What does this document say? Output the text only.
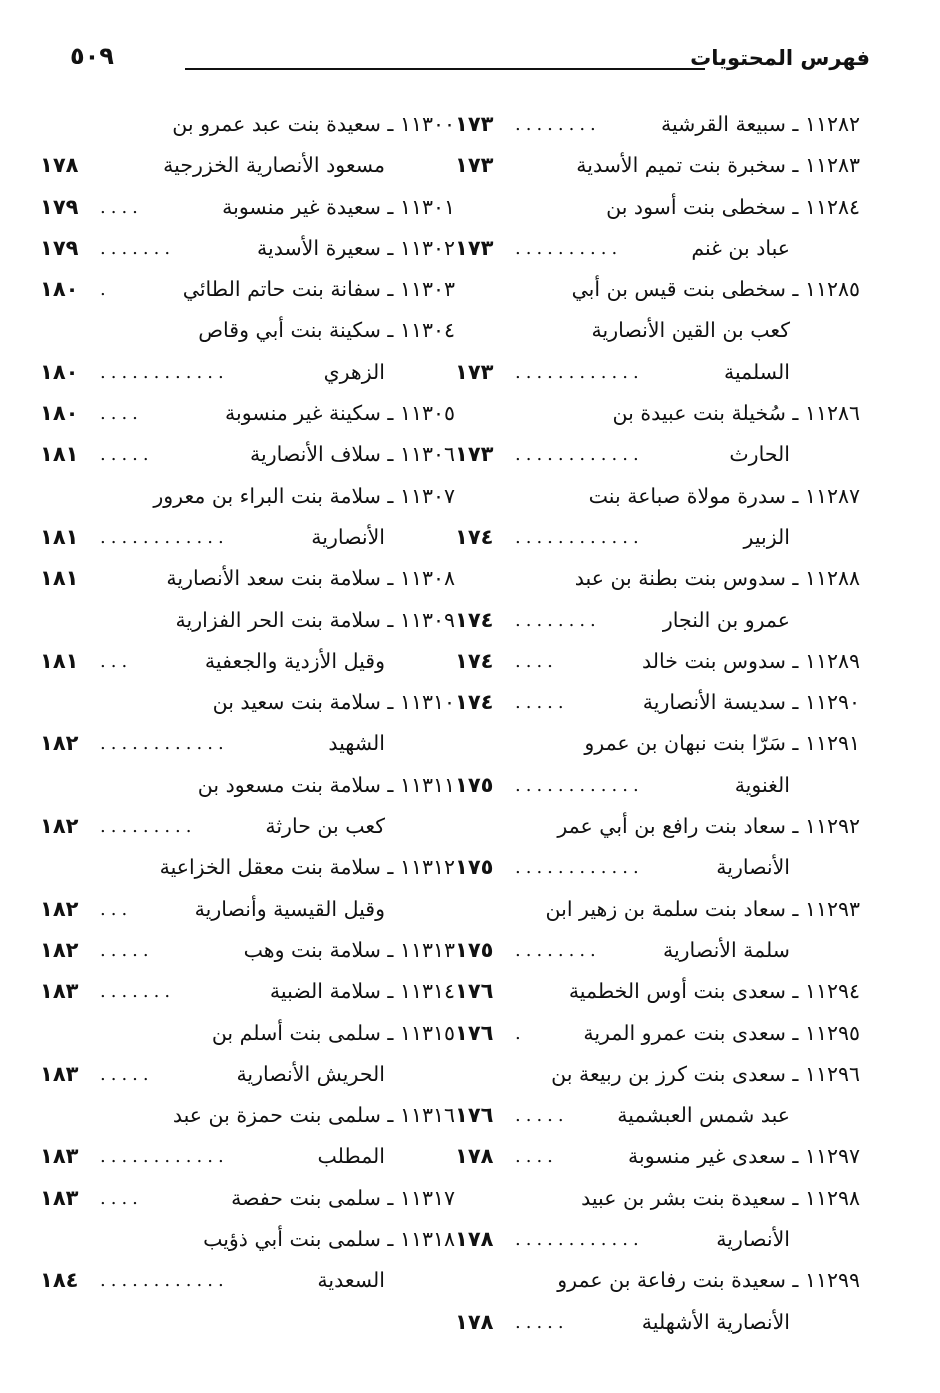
فهرس المحتويات
٥٠٩
١١٢٨٢ ـ سبيعة القرشية
........
١٧٣
١١٢٨٣ ـ سخبرة بنت تميم الأسدية
١٧٣
١١٢٨٤ ـ سخطى بنت أسود بن
عباد بن غنم
..........
١٧٣
١١٢٨٥ ـ سخطى بنت قيس بن أبي
كعب بن القين الأنصارية
السلمية
............
١٧٣
١١٢٨٦ ـ سُخيلة بنت عبيدة بن
الحارث
............
١٧٣
١١٢٨٧ ـ سدرة مولاة صباعة بنت
الزبير
............
١٧٤
١١٢٨٨ ـ سدوس بنت بطنة بن عبد
عمرو بن النجار
........
١٧٤
١١٢٨٩ ـ سدوس بنت خالد
....
١٧٤
١١٢٩٠ ـ سديسة الأنصارية
.....
١٧٤
١١٢٩١ ـ سَرّا بنت نبهان بن عمرو
الغنوية
............
١٧٥
١١٢٩٢ ـ سعاد بنت رافع بن أبي عمر
الأنصارية
............
١٧٥
١١٢٩٣ ـ سعاد بنت سلمة بن زهير ابن
سلمة الأنصارية
........
١٧٥
١١٢٩٤ ـ سعدى بنت أوس الخطمية
١٧٦
١١٢٩٥ ـ سعدى بنت عمرو المرية
.
١٧٦
١١٢٩٦ ـ سعدى بنت كرز بن ربيعة بن
عبد شمس العبشمية
.....
١٧٦
١١٢٩٧ ـ سعدى غير منسوبة
....
١٧٨
١١٢٩٨ ـ سعيدة بنت بشر بن عبيد
الأنصارية
............
١٧٨
١١٢٩٩ ـ سعيدة بنت رفاعة بن عمرو
الأنصارية الأشهلية
.....
١٧٨
١١٣٠٠ ـ سعيدة بنت عبد عمرو بن
مسعود الأنصارية الخزرجية
١٧٨
١١٣٠١ ـ سعيدة غير منسوبة
....
١٧٩
١١٣٠٢ ـ سعيرة الأسدية
.......
١٧٩
١١٣٠٣ ـ سفانة بنت حاتم الطائي
.
١٨٠
١١٣٠٤ ـ سكينة بنت أبي وقاص
الزهري
............
١٨٠
١١٣٠٥ ـ سكينة غير منسوبة
....
١٨٠
١١٣٠٦ ـ سلاف الأنصارية
.....
١٨١
١١٣٠٧ ـ سلامة بنت البراء بن معرور
الأنصارية
............
١٨١
١١٣٠٨ ـ سلامة بنت سعد الأنصارية
١٨١
١١٣٠٩ ـ سلامة بنت الحر الفزارية
وقيل الأزدية والجعفية
...
١٨١
١١٣١٠ ـ سلامة بنت سعيد بن
الشهيد
............
١٨٢
١١٣١١ ـ سلامة بنت مسعود بن
كعب بن حارثة
.........
١٨٢
١١٣١٢ ـ سلامة بنت معقل الخزاعية
وقيل القيسية وأنصارية
...
١٨٢
١١٣١٣ ـ سلامة بنت وهب
.....
١٨٢
١١٣١٤ ـ سلامة الضبية
.......
١٨٣
١١٣١٥ ـ سلمى بنت أسلم بن
الحريش الأنصارية
.....
١٨٣
١١٣١٦ ـ سلمى بنت حمزة بن عبد
المطلب
............
١٨٣
١١٣١٧ ـ سلمى بنت حفصة
....
١٨٣
١١٣١٨ ـ سلمى بنت أبي ذؤيب
السعدية
............
١٨٤
